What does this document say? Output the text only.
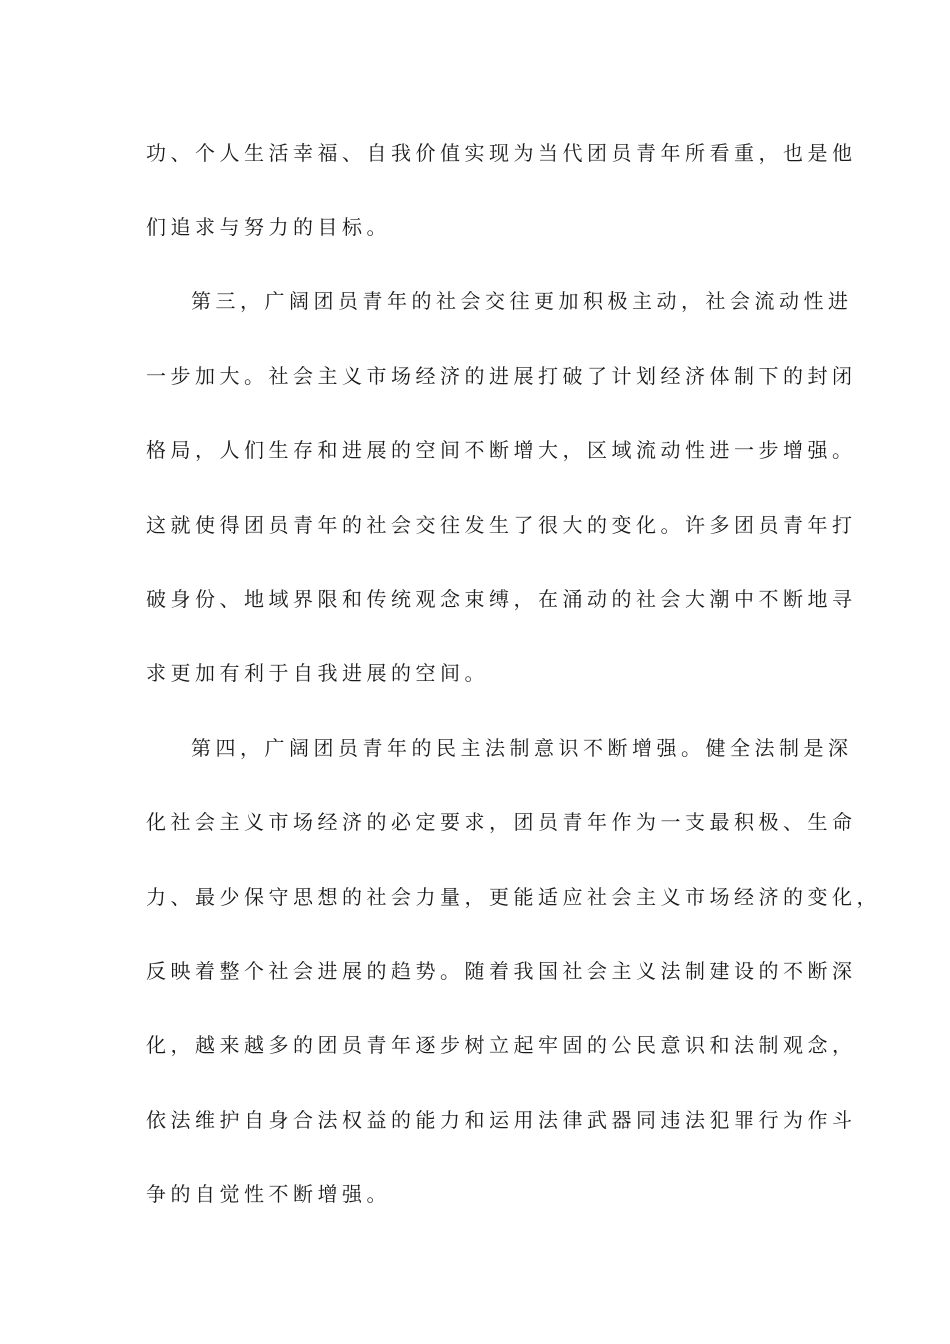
功、个人生活幸福、自我价值实现为当代团员青年所看重，也是他
们追求与努力的目标。
第三，广阔团员青年的社会交往更加积极主动，社会流动性进
一步加大。社会主义市场经济的进展打破了计划经济体制下的封闭
格局，人们生存和进展的空间不断增大，区域流动性进一步增强。
这就使得团员青年的社会交往发生了很大的变化。许多团员青年打
破身份、地域界限和传统观念束缚，在涌动的社会大潮中不断地寻
求更加有利于自我进展的空间。
第四，广阔团员青年的民主法制意识不断增强。健全法制是深
化社会主义市场经济的必定要求，团员青年作为一支最积极、生命
力、最少保守思想的社会力量，更能适应社会主义市场经济的变化，
反映着整个社会进展的趋势。随着我国社会主义法制建设的不断深
化，越来越多的团员青年逐步树立起牢固的公民意识和法制观念，
依法维护自身合法权益的能力和运用法律武器同违法犯罪行为作斗
争的自觉性不断增强。
